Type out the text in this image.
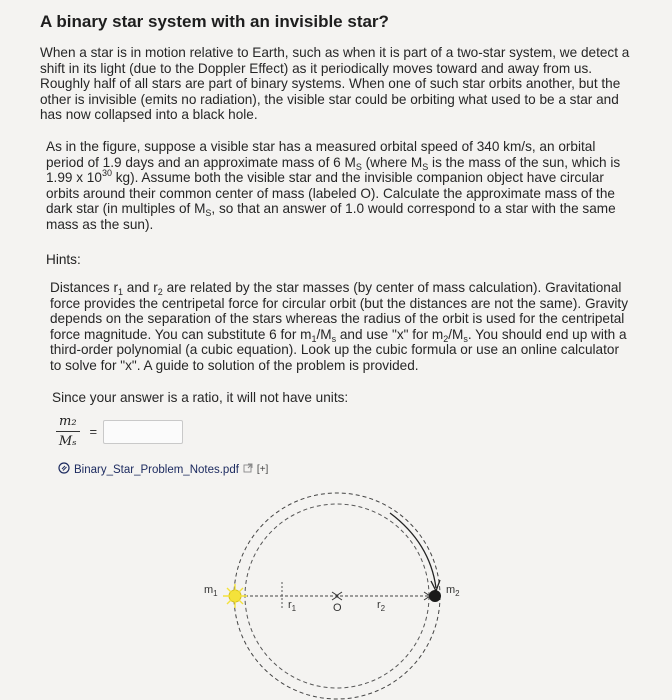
A binary star system with an invisible star?
When a star is in motion relative to Earth, such as when it is part of a two-star system, we detect a shift in its light (due to the Doppler Effect) as it periodically moves toward and away from us. Roughly half of all stars are part of binary systems. When one of such star orbits another, but the other is invisible (emits no radiation), the visible star could be orbiting what used to be a star and has now collapsed into a black hole.
As in the figure, suppose a visible star has a measured orbital speed of 340 km/s, an orbital period of 1.9 days and an approximate mass of 6 $M_S$ (where $M_S$ is the mass of the sun, which is 1.99 x $10^{30}$ kg). Assume both the visible star and the invisible companion object have circular orbits around their common center of mass (labeled O). Calculate the approximate mass of the dark star (in multiples of $M_S$, so that an answer of 1.0 would correspond to a star with the same mass as the sun).
Hints:
Distances $r_1$ and $r_2$ are related by the star masses (by center of mass calculation). Gravitational force provides the centripetal force for circular orbit (but the distances are not the same). Gravity depends on the separation of the stars whereas the radius of the orbit is used for the centripetal force magnitude. You can substitute 6 for $m_1/M_s$ and use "x" for $m_2/M_s$. You should end up with a third-order polynomial (a cubic equation). Look up the cubic formula or use an online calculator to solve for "x". A guide to solution of the problem is provided.
Since your answer is a ratio, it will not have units:
$\frac{\text{m₂}}{\text{Mₛ}}$ =
Binary_Star_Problem_Notes.pdf [+]
$m_1$	$m_2$
$r_1$	$r_2$
O
